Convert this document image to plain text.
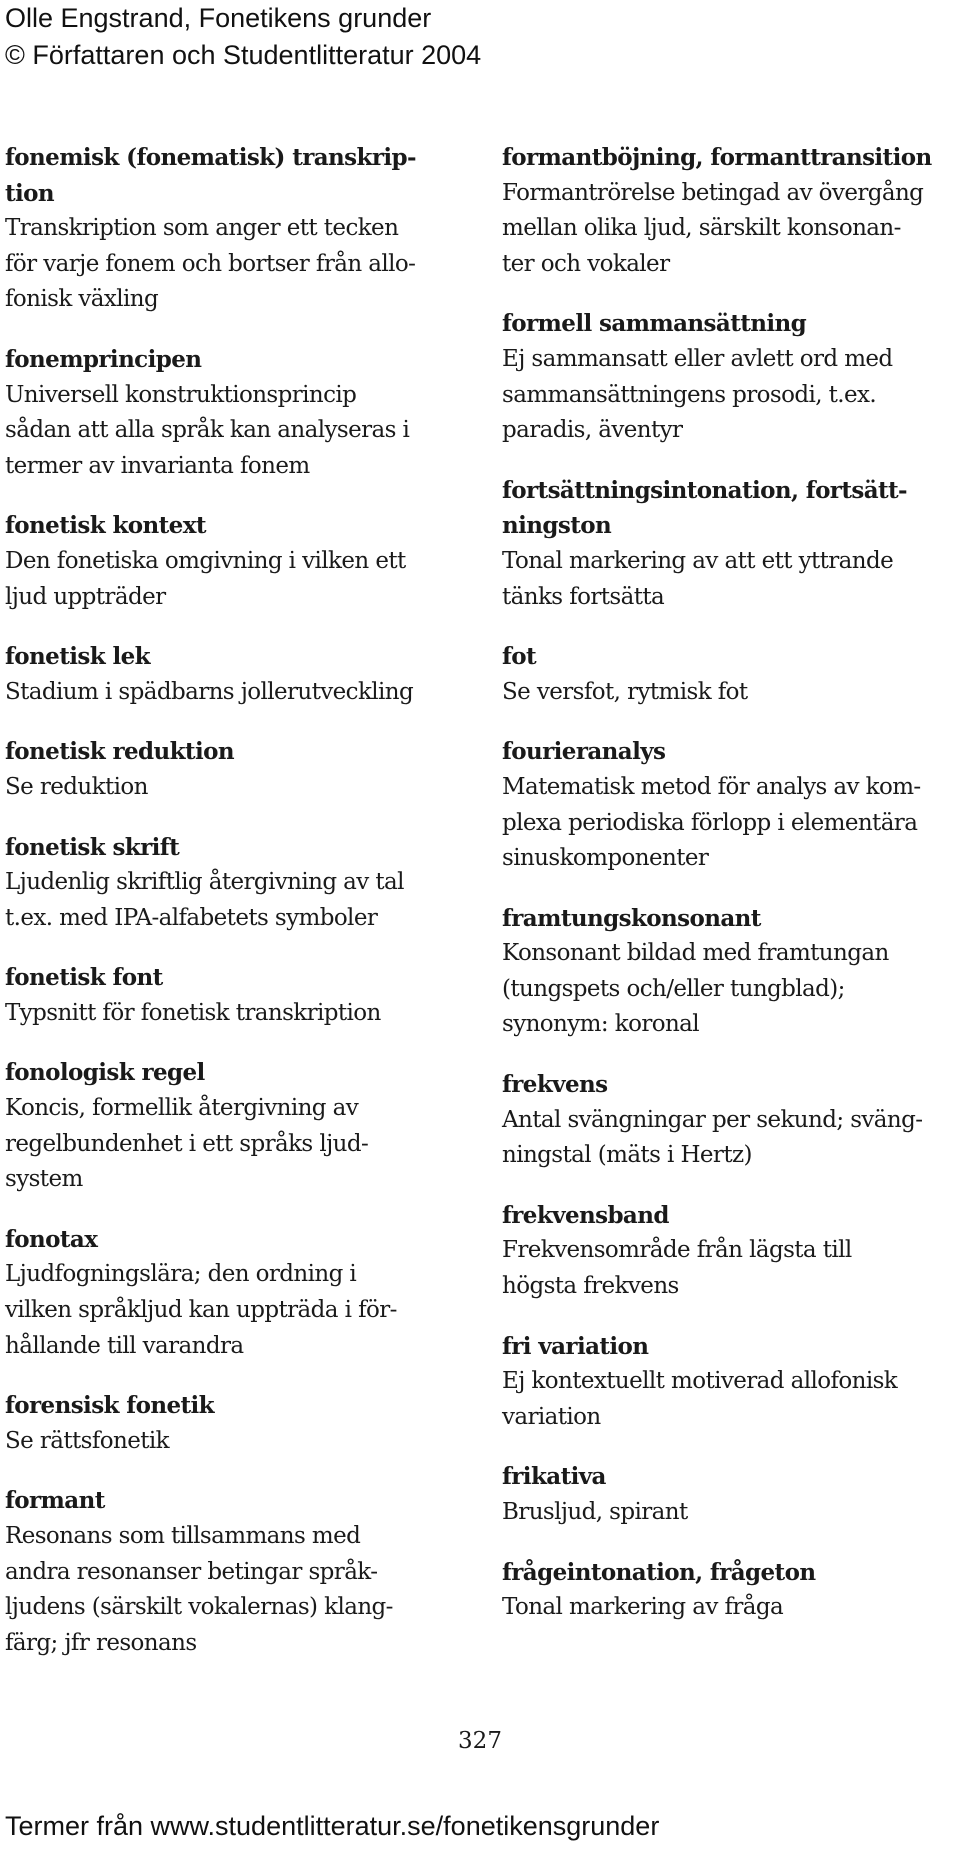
Olle Engstrand, Fonetikens grunder
© Författaren och Studentlitteratur 2004
fonemisk (fonematisk) transkrip-
tion
Transkription som anger ett tecken
för varje fonem och bortser från allo-
fonisk växling
fonemprincipen
Universell konstruktionsprincip
sådan att alla språk kan analyseras i
termer av invarianta fonem
fonetisk kontext
Den fonetiska omgivning i vilken ett
ljud uppträder
fonetisk lek
Stadium i spädbarns jollerutveckling
fonetisk reduktion
Se reduktion
fonetisk skrift
Ljudenlig skriftlig återgivning av tal
t.ex. med IPA-alfabetets symboler
fonetisk font
Typsnitt för fonetisk transkription
fonologisk regel
Koncis, formellik återgivning av
regelbundenhet i ett språks ljud-
system
fonotax
Ljudfogningslära; den ordning i
vilken språkljud kan uppträda i för-
hållande till varandra
forensisk fonetik
Se rättsfonetik
formant
Resonans som tillsammans med
andra resonanser betingar språk-
ljudens (särskilt vokalernas) klang-
färg; jfr resonans
formantböjning, formanttransition
Formantrörelse betingad av övergång
mellan olika ljud, särskilt konsonan-
ter och vokaler
formell sammansättning
Ej sammansatt eller avlett ord med
sammansättningens prosodi, t.ex.
paradis, äventyr
fortsättningsintonation, fortsätt-
ningston
Tonal markering av att ett yttrande
tänks fortsätta
fot
Se versfot, rytmisk fot
fourieranalys
Matematisk metod för analys av kom-
plexa periodiska förlopp i elementära
sinuskomponenter
framtungskonsonant
Konsonant bildad med framtungan
(tungspets och/eller tungblad);
synonym: koronal
frekvens
Antal svängningar per sekund; sväng-
ningstal (mäts i Hertz)
frekvensband
Frekvensområde från lägsta till
högsta frekvens
fri variation
Ej kontextuellt motiverad allofonisk
variation
frikativa
Brusljud, spirant
frågeintonation, frågeton
Tonal markering av fråga
327
Termer från www.studentlitteratur.se/fonetikensgrunder
